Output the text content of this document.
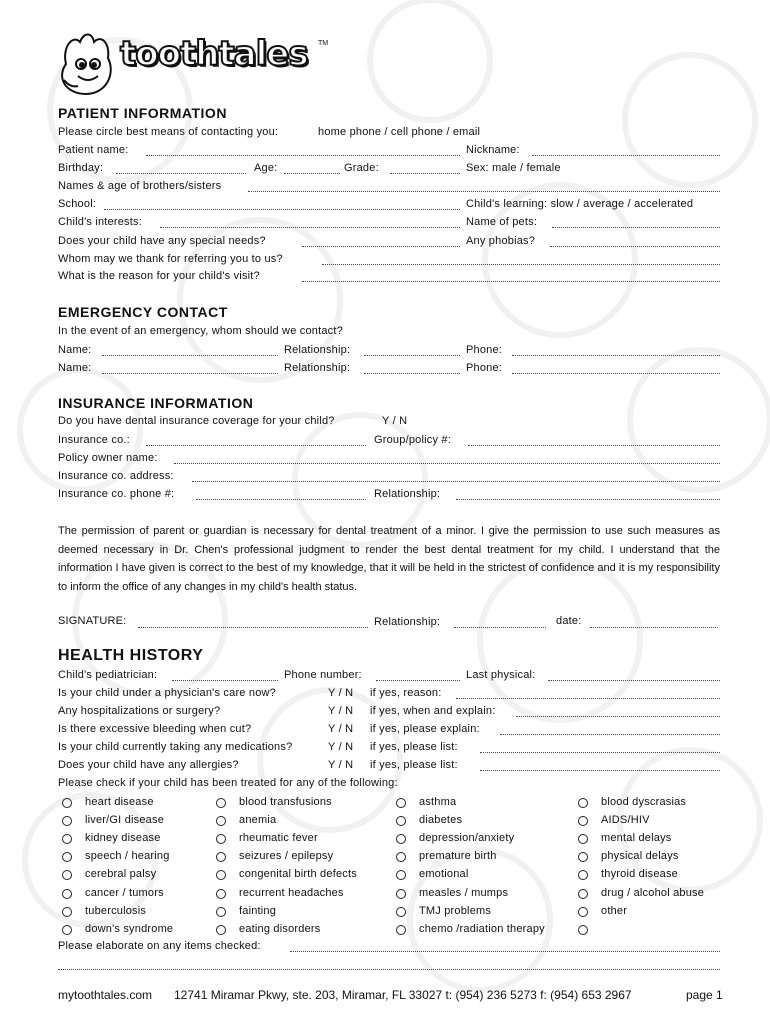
toothtales TM
PATIENT INFORMATION
Please circle best means of contacting you:	home phone / cell phone / email
Patient name:	Nickname:
Birthday:	Age:	Grade:	Sex: male / female
Names & age of brothers/sisters
School:	Child's learning: slow / average / accelerated
Child's interests:	Name of pets:
Does your child have any special needs?	Any phobias?
Whom may we thank for referring you to us?
What is the reason for your child's visit?
EMERGENCY CONTACT
In the event of an emergency, whom should we contact?
Name:	Relationship:	Phone:
Name:	Relationship:	Phone:
INSURANCE INFORMATION
Do you have dental insurance coverage for your child?	Y / N
Insurance co.:	Group/policy #:
Policy owner name:
Insurance co. address:
Insurance co. phone #:	Relationship:
The permission of parent or guardian is necessary for dental treatment of a minor. I give the permission to use such measures as deemed necessary in Dr. Chen's professional judgment to render the best dental treatment for my child. I understand that the information I have given is correct to the best of my knowledge, that it will be held in the strictest of confidence and it is my responsibility to inform the office of any changes in my child's health status.
SIGNATURE:	Relationship:	date:
HEALTH HISTORY
Child's pediatrician:	Phone number:	Last physical:
Is your child under a physician's care now?	Y / N if yes, reason:
Any hospitalizations or surgery?	Y / N if yes, when and explain:
Is there excessive bleeding when cut?	Y / N if yes, please explain:
Is your child currently taking any medications?	Y / N if yes, please list:
Does your child have any allergies?	Y / N if yes, please list:
Please check if your child has been treated for any of the following:
heart disease	blood transfusions	asthma	blood dyscrasias
liver/GI disease	anemia	diabetes	AIDS/HIV
kidney disease	rheumatic fever	depression/anxiety	mental delays
speech / hearing	seizures / epilepsy	premature birth	physical delays
cerebral palsy	congenital birth defects	emotional	thyroid disease
cancer / tumors	recurrent headaches	measles / mumps	drug / alcohol abuse
tuberculosis	fainting	TMJ problems	other
down's syndrome	eating disorders	chemo /radiation therapy
Please elaborate on any items checked:
mytoothtales.com 12741 Miramar Pkwy, ste. 203, Miramar, FL 33027 t: (954) 236 5273 f: (954) 653 2967	page 1
